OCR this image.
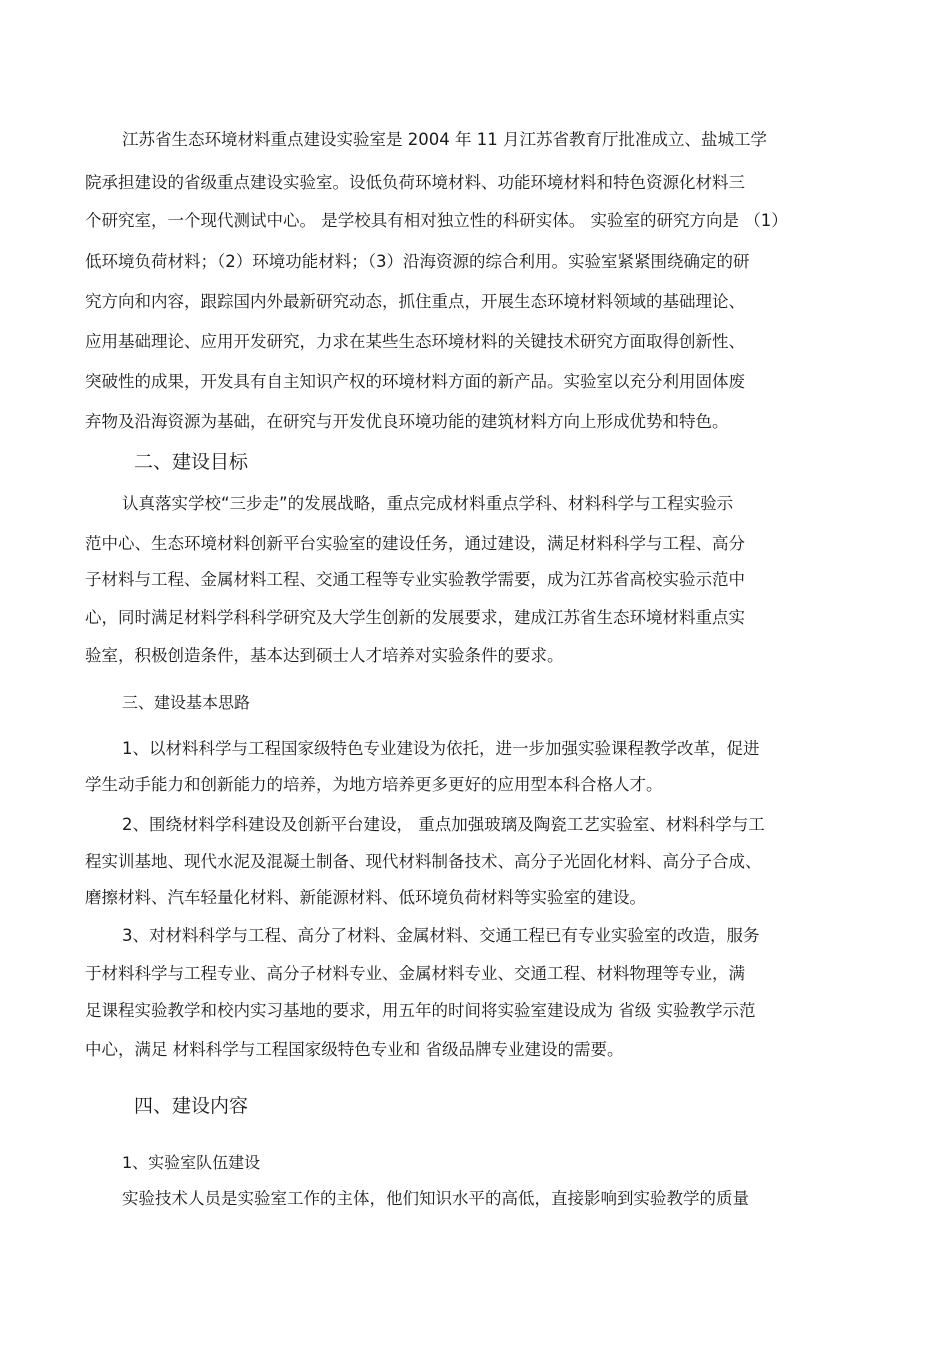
江苏省生态环境材料重点建设实验室是 2004 年 11 月江苏省教育厅批准成立、盐城工学
院承担建设的省级重点建设实验室。设低负荷环境材料、功能环境材料和特色资源化材料三
个研究室，一个现代测试中心。 是学校具有相对独立性的科研实体。 实验室的研究方向是 （1）
低环境负荷材料；（2）环境功能材料；（3）沿海资源的综合利用。实验室紧紧围绕确定的研
究方向和内容，跟踪国内外最新研究动态，抓住重点，开展生态环境材料领域的基础理论、
应用基础理论、应用开发研究，力求在某些生态环境材料的关键技术研究方面取得创新性、
突破性的成果，开发具有自主知识产权的环境材料方面的新产品。实验室以充分利用固体废
弃物及沿海资源为基础，在研究与开发优良环境功能的建筑材料方向上形成优势和特色。
二、建设目标
认真落实学校“三步走”的发展战略，重点完成材料重点学科、材料科学与工程实验示
范中心、生态环境材料创新平台实验室的建设任务，通过建设，满足材料科学与工程、高分
子材料与工程、金属材料工程、交通工程等专业实验教学需要，成为江苏省高校实验示范中
心，同时满足材料学科科学研究及大学生创新的发展要求，建成江苏省生态环境材料重点实
验室，积极创造条件，基本达到硕士人才培养对实验条件的要求。
三、建设基本思路
1、以材料科学与工程国家级特色专业建设为依托，进一步加强实验课程教学改革，促进
学生动手能力和创新能力的培养，为地方培养更多更好的应用型本科合格人才。
2、围绕材料学科建设及创新平台建设， 重点加强玻璃及陶瓷工艺实验室、材料科学与工
程实训基地、现代水泥及混凝土制备、现代材料制备技术、高分子光固化材料、高分子合成、
磨擦材料、汽车轻量化材料、新能源材料、低环境负荷材料等实验室的建设。
3、对材料科学与工程、高分了材料、金属材料、交通工程已有专业实验室的改造，服务
于材料科学与工程专业、高分子材料专业、金属材料专业、交通工程、材料物理等专业，满
足课程实验教学和校内实习基地的要求，用五年的时间将实验室建设成为 省级 实验教学示范
中心，满足 材料科学与工程国家级特色专业和 省级品牌专业建设的需要。
四、建设内容
1、实验室队伍建设
实验技术人员是实验室工作的主体，他们知识水平的高低，直接影响到实验教学的质量
